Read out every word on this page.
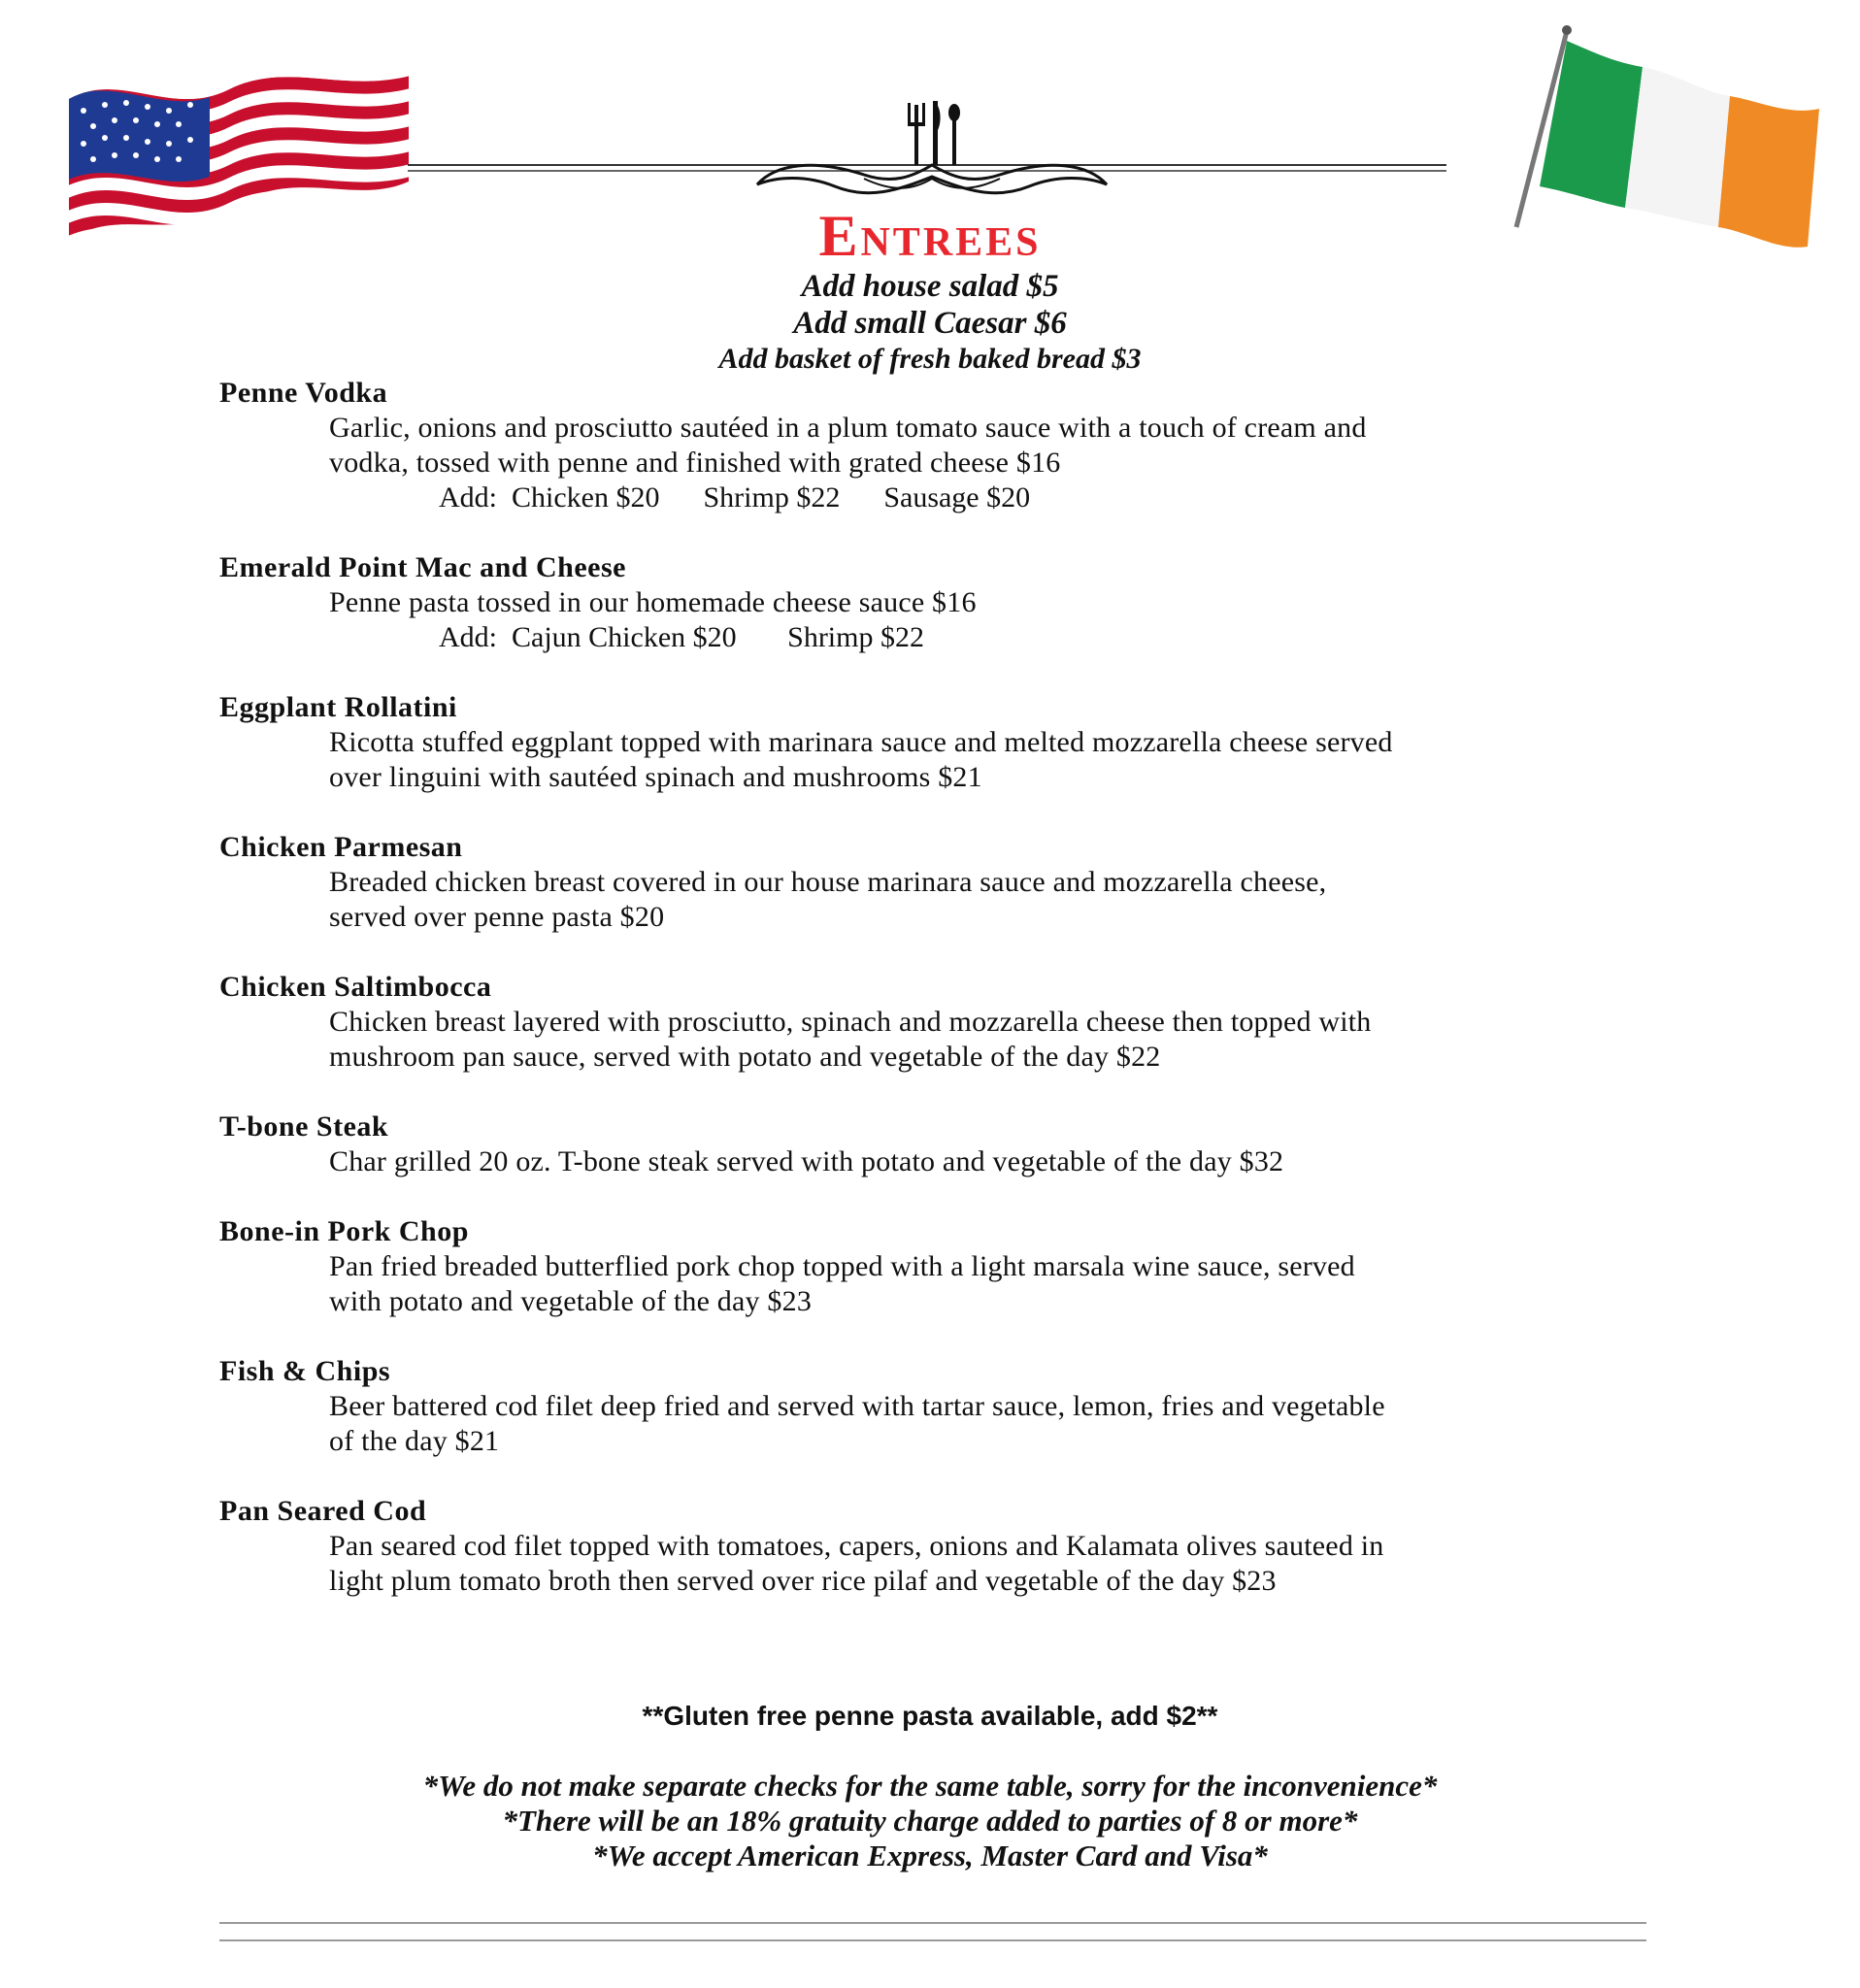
Entrees
Add house salad $5
Add small Caesar $6
Add basket of fresh baked bread $3
Penne Vodka
Garlic, onions and prosciutto sautéed in a plum tomato sauce with a touch of cream and
vodka, tossed with penne and finished with grated cheese $16
Add:  Chicken $20      Shrimp $22      Sausage $20
Emerald Point Mac and Cheese
Penne pasta tossed in our homemade cheese sauce $16
Add:  Cajun Chicken $20       Shrimp $22
Eggplant Rollatini
Ricotta stuffed eggplant topped with marinara sauce and melted mozzarella cheese served
over linguini with sautéed spinach and mushrooms $21
Chicken Parmesan
Breaded chicken breast covered in our house marinara sauce and mozzarella cheese,
served over penne pasta $20
Chicken Saltimbocca
Chicken breast layered with prosciutto, spinach and mozzarella cheese then topped with
mushroom pan sauce, served with potato and vegetable of the day $22
T-bone Steak
Char grilled 20 oz. T-bone steak served with potato and vegetable of the day $32
Bone-in Pork Chop
Pan fried breaded butterflied pork chop topped with a light marsala wine sauce, served
with potato and vegetable of the day $23
Fish & Chips
Beer battered cod filet deep fried and served with tartar sauce, lemon, fries and vegetable
of the day $21
Pan Seared Cod
Pan seared cod filet topped with tomatoes, capers, onions and Kalamata olives sauteed in
light plum tomato broth then served over rice pilaf and vegetable of the day $23
**Gluten free penne pasta available, add $2**
*We do not make separate checks for the same table, sorry for the inconvenience*
*There will be an 18% gratuity charge added to parties of 8 or more*
*We accept American Express, Master Card and Visa*
